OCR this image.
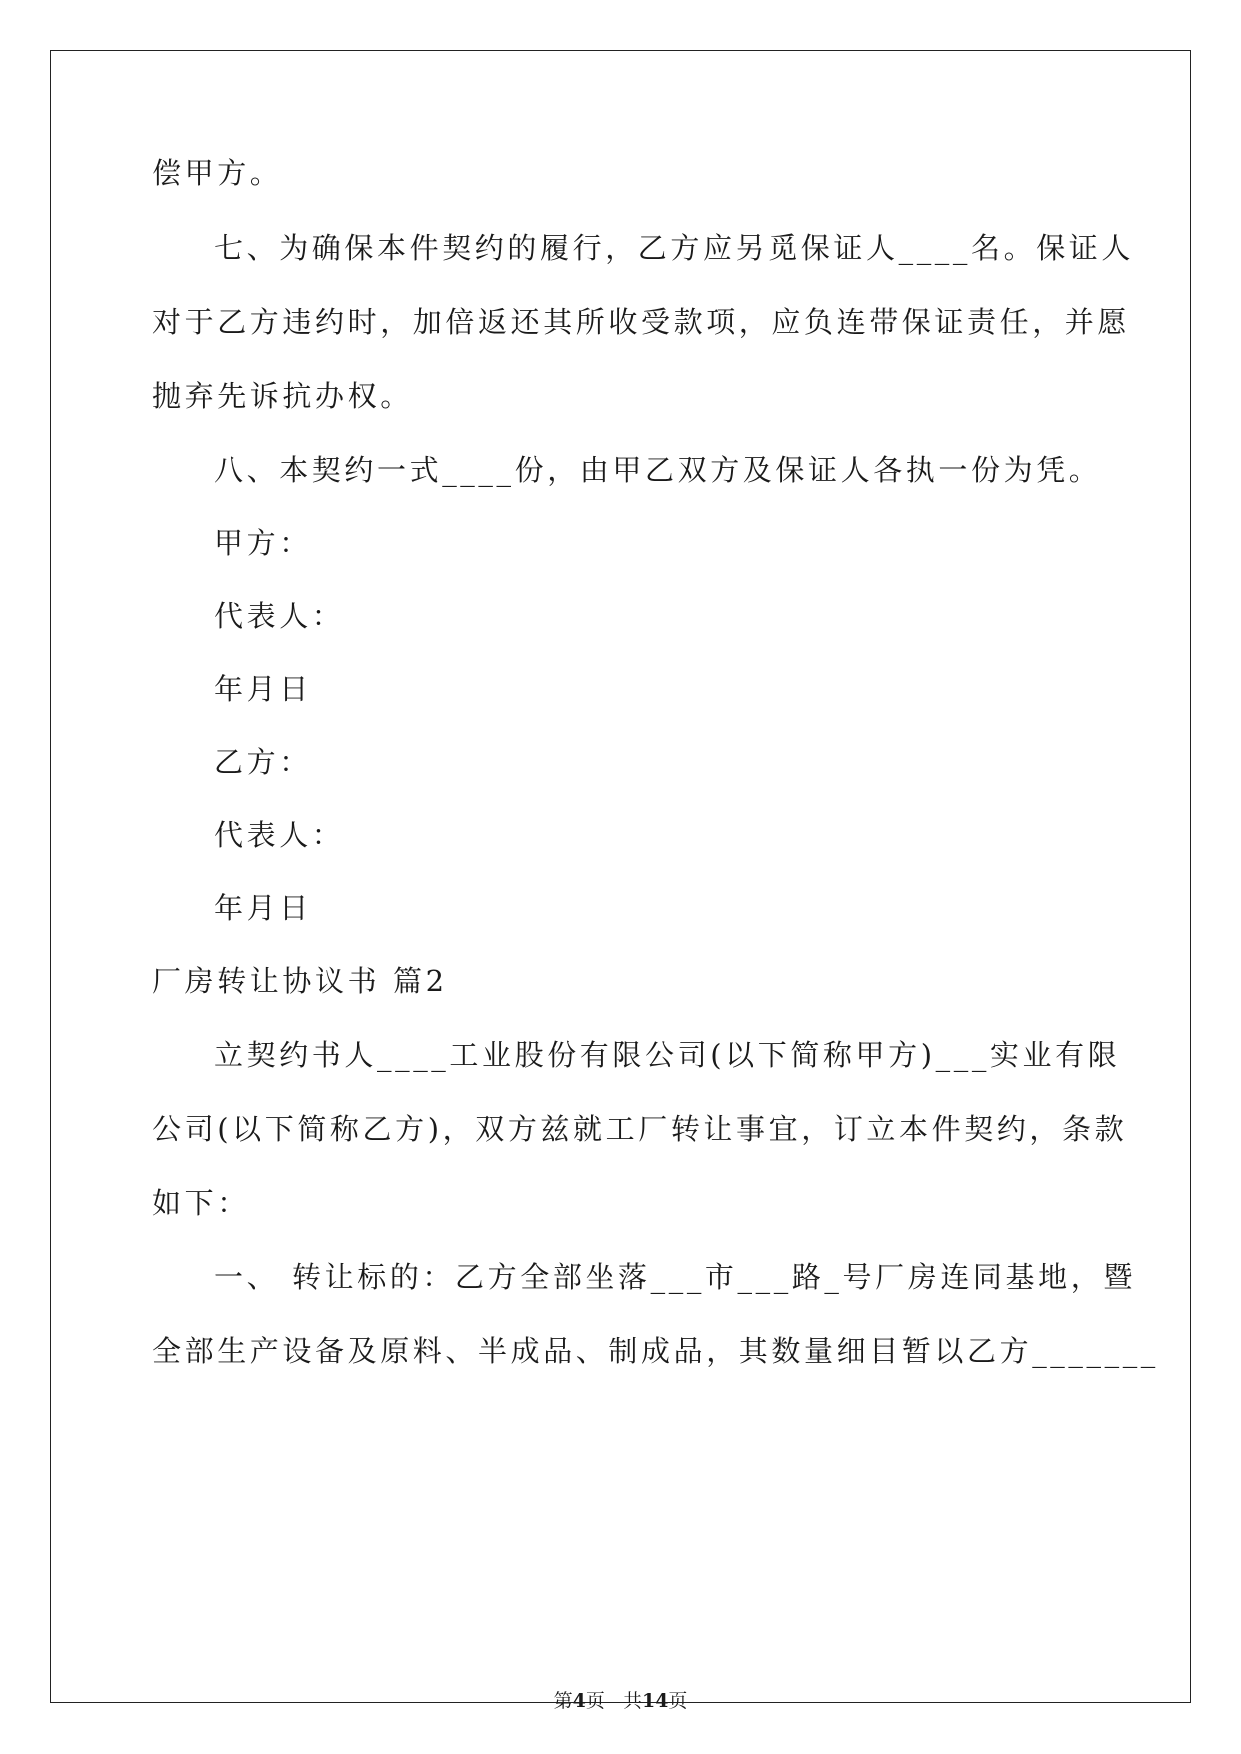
偿甲方。
七、为确保本件契约的履行，乙方应另觅保证人____名。保证人
对于乙方违约时，加倍返还其所收受款项，应负连带保证责任，并愿
抛弃先诉抗办权。
八、本契约一式____份，由甲乙双方及保证人各执一份为凭。
甲方：
代表人：
年月日
乙方：
代表人：
年月日
厂房转让协议书 篇2
立契约书人____工业股份有限公司(以下简称甲方)___实业有限
公司(以下简称乙方)，双方兹就工厂转让事宜，订立本件契约，条款
如下：
一、 转让标的：乙方全部坐落___市___路_号厂房连同基地，暨
全部生产设备及原料、半成品、制成品，其数量细目暂以乙方_______
第4页 共14页
